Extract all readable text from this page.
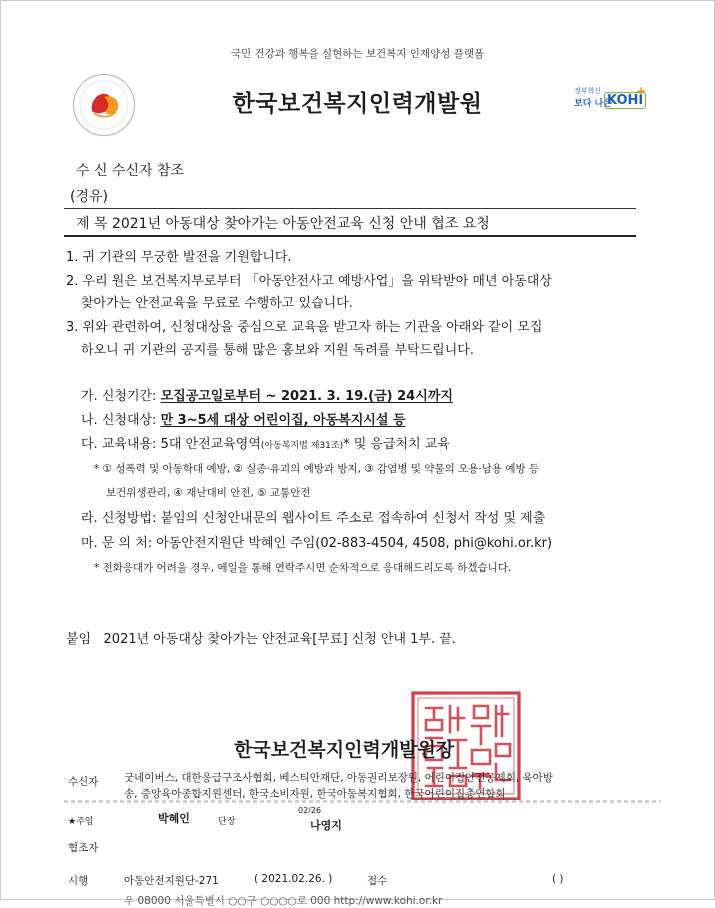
국민 건강과 행복을 실현하는 보건복지 인재양성 플랫폼
한국보건복지인력개발원	정부혁신
보다 나은
KOHI
+
수 신 수신자 참조
(경유)
제 목 2021년 아동대상 찾아가는 아동안전교육 신청 안내 협조 요청
1. 귀 기관의 무궁한 발전을 기원합니다.
2. 우리 원은 보건복지부로부터 「아동안전사고 예방사업」을 위탁받아 매년 아동대상
찾아가는 안전교육을 무료로 수행하고 있습니다.
3. 위와 관련하여, 신청대상을 중심으로 교육을 받고자 하는 기관을 아래와 같이 모집
하오니 귀 기관의 공지를 통해 많은 홍보와 지원 독려를 부탁드립니다.
가. 신청기간: 모집공고일로부터 ~ 2021. 3. 19.(금) 24시까지
나. 신청대상: 만 3~5세 대상 어린이집, 아동복지시설 등
다. 교육내용: 5대 안전교육영역(아동복지법 제31조)* 및 응급처치 교육
* ① 성폭력 및 아동학대 예방, ② 실종·유괴의 예방과 방지, ③ 감염병 및 약물의 오용·남용 예방 등
보건위생관리, ④ 재난대비 안전, ⑤ 교통안전
라. 신청방법: 붙임의 신청안내문의 웹사이트 주소로 접속하여 신청서 작성 및 제출
마. 문 의 처: 아동안전지원단 박혜인 주임(02-883-4504, 4508, phi@kohi.or.kr)
* 전화응대가 어려울 경우, 메일을 통해 연락주시면 순차적으로 응대해드리도록 하겠습니다.
붙임 2021년 아동대상 찾아가는 안전교육[무료] 신청 안내 1부. 끝.
한국보건복지인력개발원장
수신자 굿네이버스, 대한응급구조사협회, 베스티안재단, 아동권리보장원, 어린이집안전공제회, 육아방
송, 중앙육아종합지원센터, 한국소비자원, 한국아동복지협회, 한국어린이집총연합회
★주임	박혜인	단장
02/26
나영지
협조자
시행	아동안전지원단-271	( 2021.02.26. )	접수	( )
우 08000 서울특별시 ○○구 ○○○○로 000 http://www.kohi.or.kr
